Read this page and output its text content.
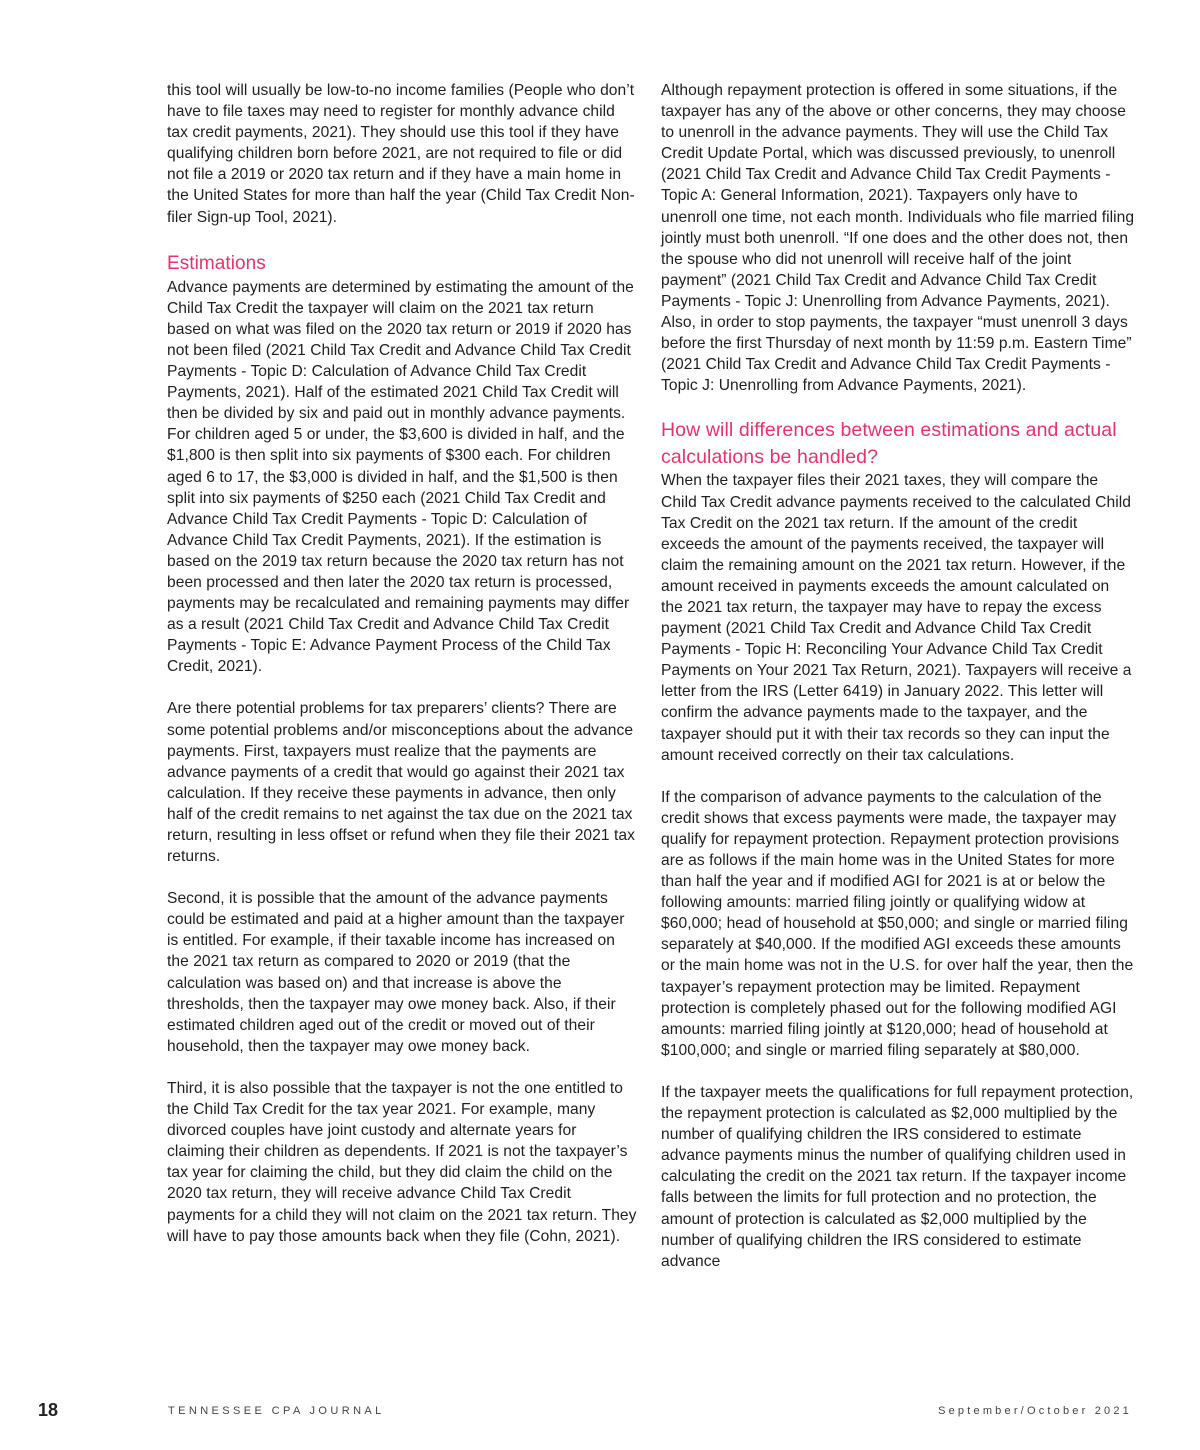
this tool will usually be low-to-no income families (People who don’t have to file taxes may need to register for monthly advance child tax credit payments, 2021). They should use this tool if they have qualifying children born before 2021, are not required to file or did not file a 2019 or 2020 tax return and if they have a main home in the United States for more than half the year (Child Tax Credit Non-filer Sign-up Tool, 2021).

Estimations

Advance payments are determined by estimating the amount of the Child Tax Credit the taxpayer will claim on the 2021 tax return based on what was filed on the 2020 tax return or 2019 if 2020 has not been filed (2021 Child Tax Credit and Advance Child Tax Credit Payments - Topic D: Calculation of Advance Child Tax Credit Payments, 2021). Half of the estimated 2021 Child Tax Credit will then be divided by six and paid out in monthly advance payments. For children aged 5 or under, the $3,600 is divided in half, and the $1,800 is then split into six payments of $300 each. For children aged 6 to 17, the $3,000 is divided in half, and the $1,500 is then split into six payments of $250 each (2021 Child Tax Credit and Advance Child Tax Credit Payments - Topic D: Calculation of Advance Child Tax Credit Payments, 2021). If the estimation is based on the 2019 tax return because the 2020 tax return has not been processed and then later the 2020 tax return is processed, payments may be recalculated and remaining payments may differ as a result (2021 Child Tax Credit and Advance Child Tax Credit Payments - Topic E: Advance Payment Process of the Child Tax Credit, 2021).

Are there potential problems for tax preparers’ clients? There are some potential problems and/or misconceptions about the advance payments. First, taxpayers must realize that the payments are advance payments of a credit that would go against their 2021 tax calculation. If they receive these payments in advance, then only half of the credit remains to net against the tax due on the 2021 tax return, resulting in less offset or refund when they file their 2021 tax returns.

Second, it is possible that the amount of the advance payments could be estimated and paid at a higher amount than the taxpayer is entitled. For example, if their taxable income has increased on the 2021 tax return as compared to 2020 or 2019 (that the calculation was based on) and that increase is above the thresholds, then the taxpayer may owe money back. Also, if their estimated children aged out of the credit or moved out of their household, then the taxpayer may owe money back.

Third, it is also possible that the taxpayer is not the one entitled to the Child Tax Credit for the tax year 2021. For example, many divorced couples have joint custody and alternate years for claiming their children as dependents. If 2021 is not the taxpayer’s tax year for claiming the child, but they did claim the child on the 2020 tax return, they will receive advance Child Tax Credit payments for a child they will not claim on the 2021 tax return. They will have to pay those amounts back when they file (Cohn, 2021).

Although repayment protection is offered in some situations, if the taxpayer has any of the above or other concerns, they may choose to unenroll in the advance payments. They will use the Child Tax Credit Update Portal, which was discussed previously, to unenroll (2021 Child Tax Credit and Advance Child Tax Credit Payments - Topic A: General Information, 2021). Taxpayers only have to unenroll one time, not each month. Individuals who file married filing jointly must both unenroll. “If one does and the other does not, then the spouse who did not unenroll will receive half of the joint payment” (2021 Child Tax Credit and Advance Child Tax Credit Payments - Topic J: Unenrolling from Advance Payments, 2021). Also, in order to stop payments, the taxpayer “must unenroll 3 days before the first Thursday of next month by 11:59 p.m. Eastern Time” (2021 Child Tax Credit and Advance Child Tax Credit Payments - Topic J: Unenrolling from Advance Payments, 2021).

How will differences between estimations and actual calculations be handled?

When the taxpayer files their 2021 taxes, they will compare the Child Tax Credit advance payments received to the calculated Child Tax Credit on the 2021 tax return. If the amount of the credit exceeds the amount of the payments received, the taxpayer will claim the remaining amount on the 2021 tax return. However, if the amount received in payments exceeds the amount calculated on the 2021 tax return, the taxpayer may have to repay the excess payment (2021 Child Tax Credit and Advance Child Tax Credit Payments - Topic H: Reconciling Your Advance Child Tax Credit Payments on Your 2021 Tax Return, 2021). Taxpayers will receive a letter from the IRS (Letter 6419) in January 2022. This letter will confirm the advance payments made to the taxpayer, and the taxpayer should put it with their tax records so they can input the amount received correctly on their tax calculations.

If the comparison of advance payments to the calculation of the credit shows that excess payments were made, the taxpayer may qualify for repayment protection. Repayment protection provisions are as follows if the main home was in the United States for more than half the year and if modified AGI for 2021 is at or below the following amounts: married filing jointly or qualifying widow at $60,000; head of household at $50,000; and single or married filing separately at $40,000. If the modified AGI exceeds these amounts or the main home was not in the U.S. for over half the year, then the taxpayer’s repayment protection may be limited. Repayment protection is completely phased out for the following modified AGI amounts: married filing jointly at $120,000; head of household at $100,000; and single or married filing separately at $80,000.

If the taxpayer meets the qualifications for full repayment protection, the repayment protection is calculated as $2,000 multiplied by the number of qualifying children the IRS considered to estimate advance payments minus the number of qualifying children used in calculating the credit on the 2021 tax return. If the taxpayer income falls between the limits for full protection and no protection, the amount of protection is calculated as $2,000 multiplied by the number of qualifying children the IRS considered to estimate advance

18	TENNESSEE CPA JOURNAL	September/October 2021
